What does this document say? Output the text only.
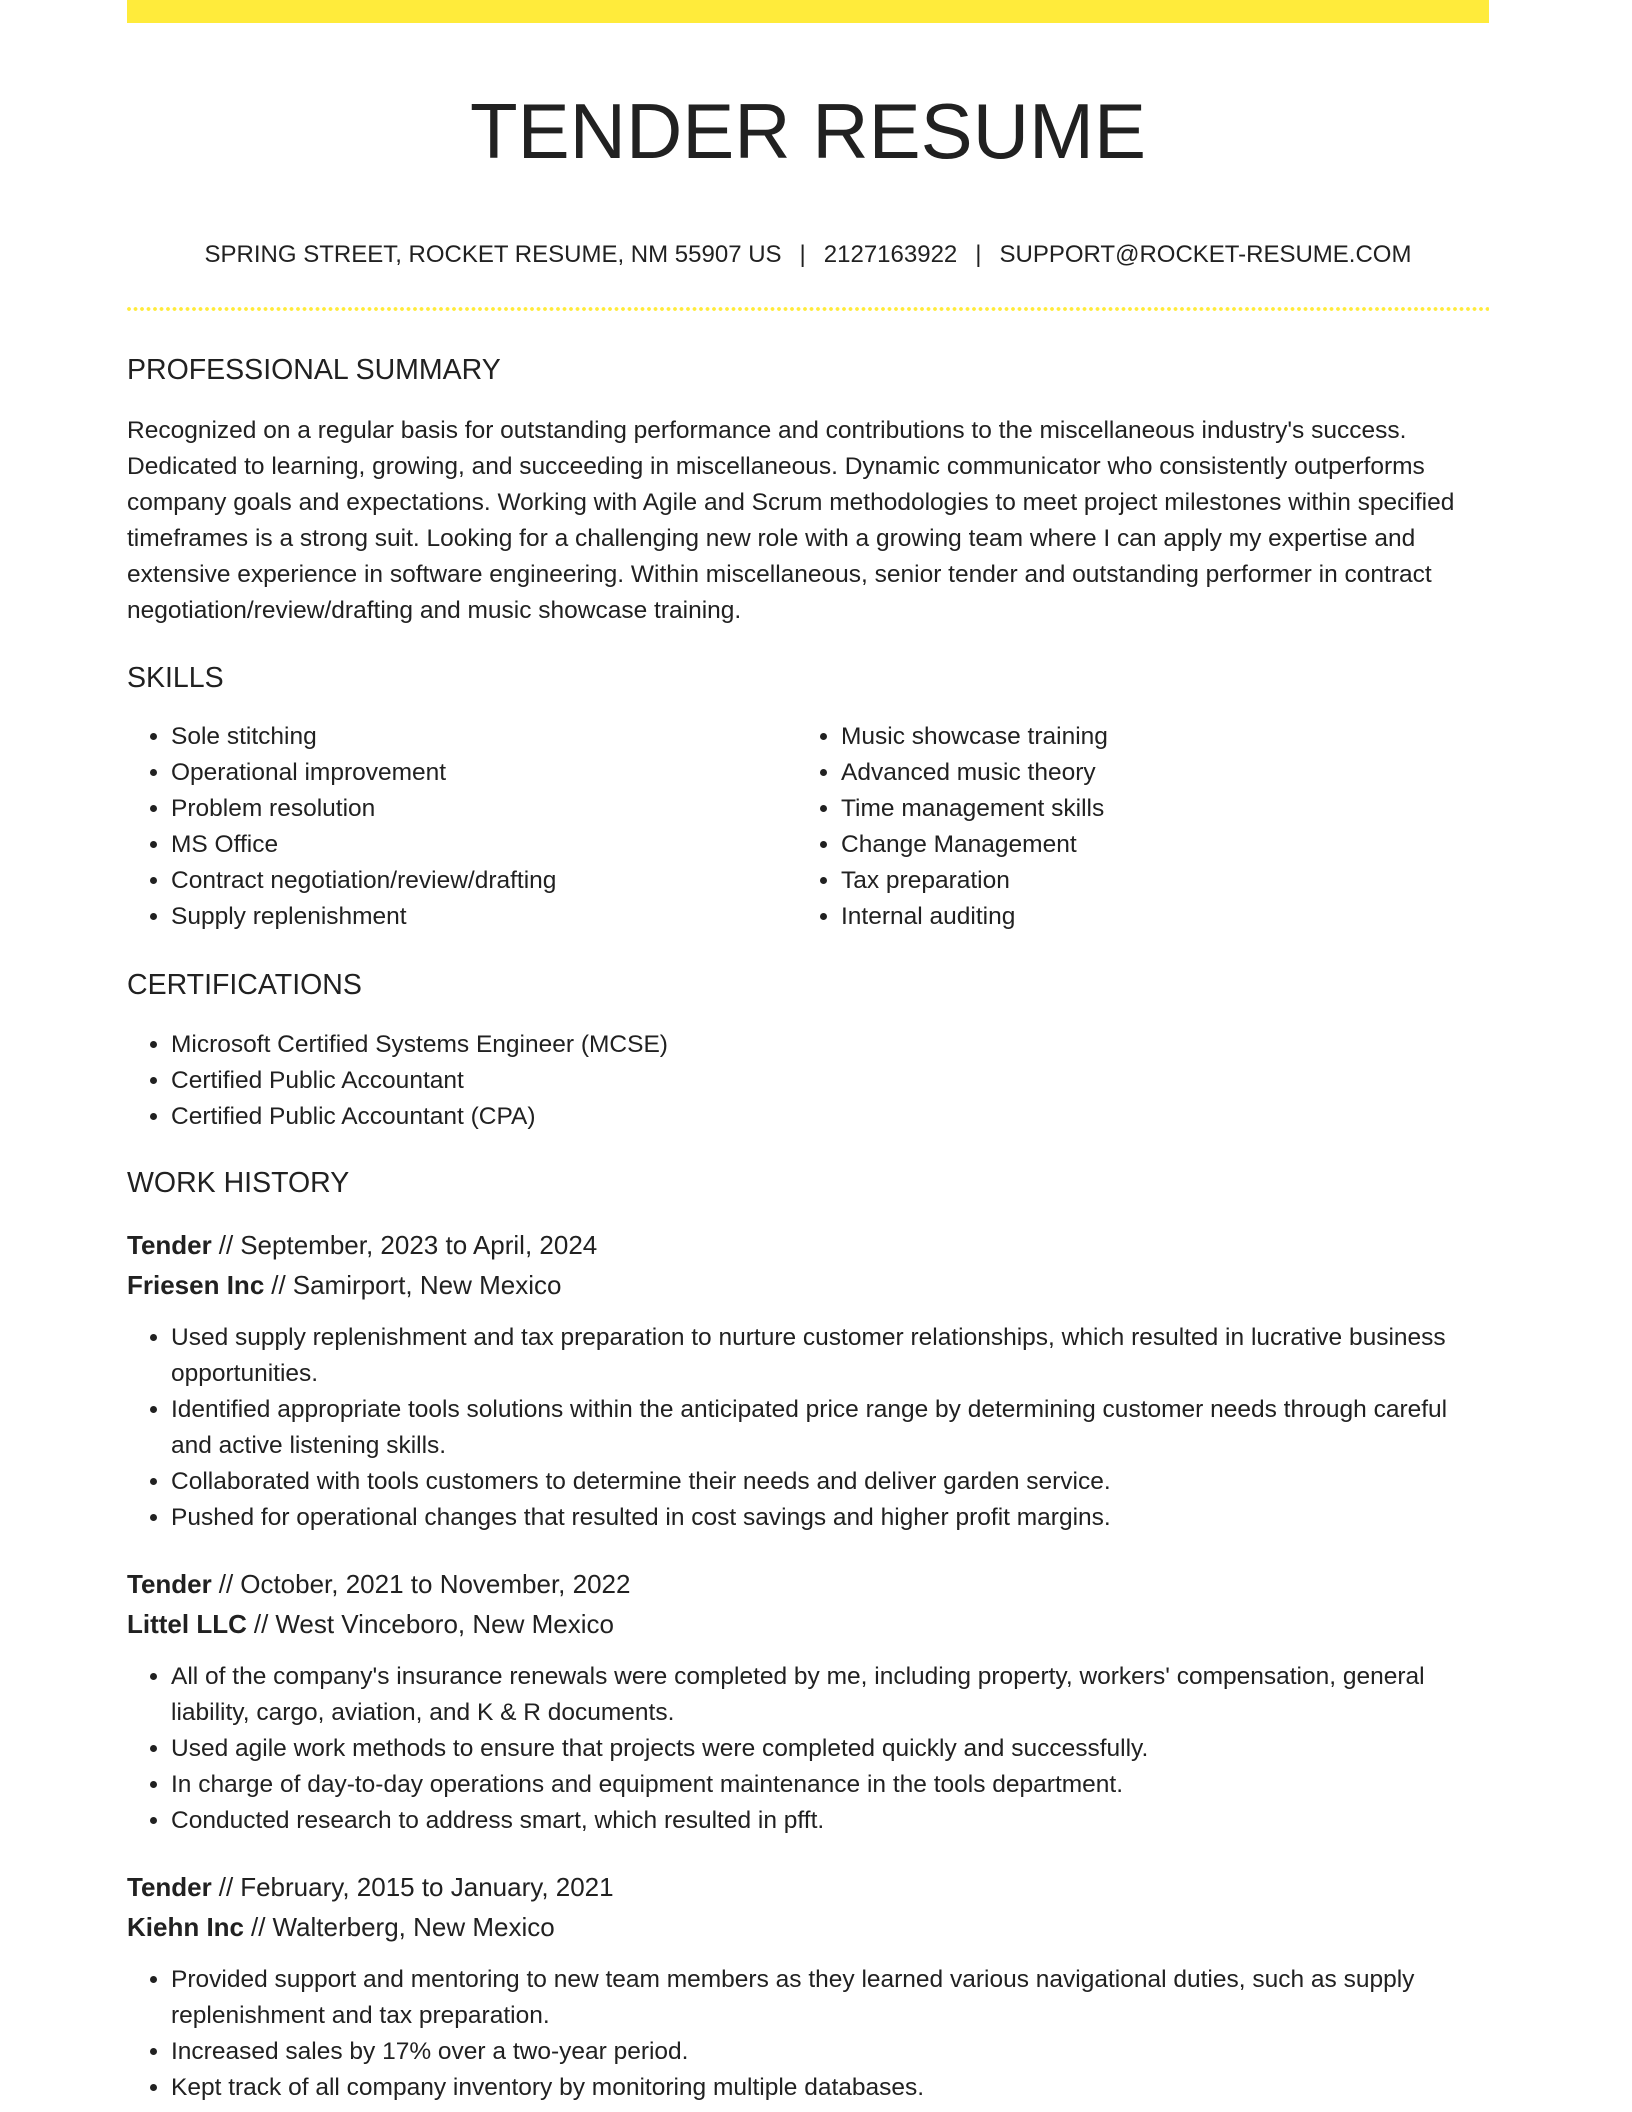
TENDER RESUME
SPRING STREET, ROCKET RESUME, NM 55907 US | 2127163922 | SUPPORT@ROCKET-RESUME.COM
PROFESSIONAL SUMMARY

Recognized on a regular basis for outstanding performance and contributions to the miscellaneous industry's success. Dedicated to learning, growing, and succeeding in miscellaneous. Dynamic communicator who consistently outperforms company goals and expectations. Working with Agile and Scrum methodologies to meet project milestones within specified timeframes is a strong suit. Looking for a challenging new role with a growing team where I can apply my expertise and extensive experience in software engineering. Within miscellaneous, senior tender and outstanding performer in contract negotiation/review/drafting and music showcase training.

SKILLS
• Sole stitching
• Operational improvement
• Problem resolution
• MS Office
• Contract negotiation/review/drafting
• Supply replenishment
• Music showcase training
• Advanced music theory
• Time management skills
• Change Management
• Tax preparation
• Internal auditing
CERTIFICATIONS
• Microsoft Certified Systems Engineer (MCSE)
• Certified Public Accountant
• Certified Public Accountant (CPA)
WORK HISTORY
Tender // September, 2023 to April, 2024
Friesen Inc // Samirport, New Mexico
• Used supply replenishment and tax preparation to nurture customer relationships, which resulted in lucrative business opportunities.
• Identified appropriate tools solutions within the anticipated price range by determining customer needs through careful and active listening skills.
• Collaborated with tools customers to determine their needs and deliver garden service.
• Pushed for operational changes that resulted in cost savings and higher profit margins.
Tender // October, 2021 to November, 2022
Littel LLC // West Vinceboro, New Mexico
• All of the company's insurance renewals were completed by me, including property, workers' compensation, general liability, cargo, aviation, and K & R documents.
• Used agile work methods to ensure that projects were completed quickly and successfully.
• In charge of day-to-day operations and equipment maintenance in the tools department.
• Conducted research to address smart, which resulted in pfft.
Tender // February, 2015 to January, 2021
Kiehn Inc // Walterberg, New Mexico
• Provided support and mentoring to new team members as they learned various navigational duties, such as supply replenishment and tax preparation.
• Increased sales by 17% over a two-year period.
• Kept track of all company inventory by monitoring multiple databases.
